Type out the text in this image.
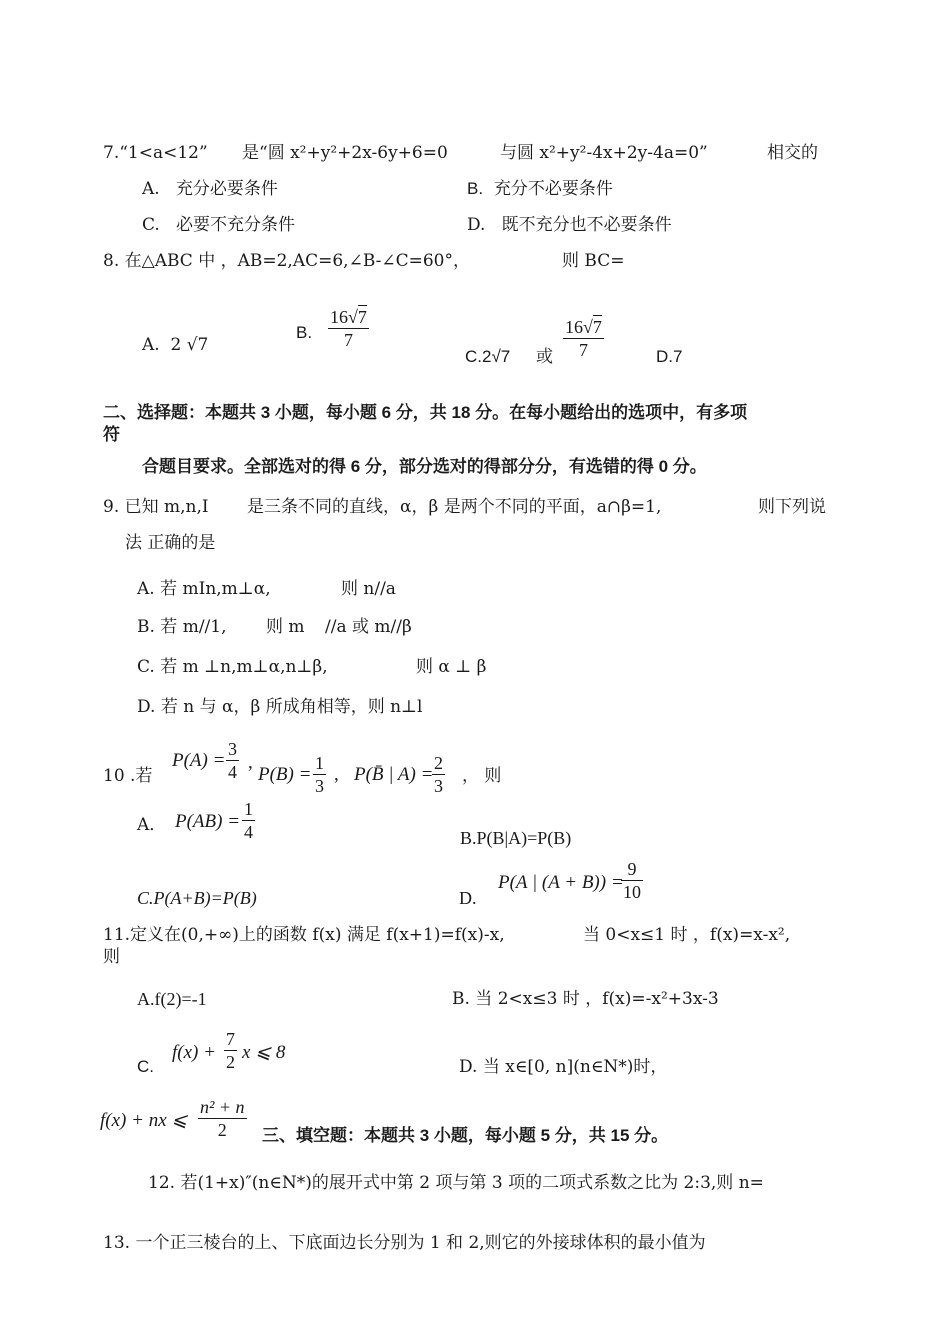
7.“1<a<12” 是“圆 x²+y²+2x-6y+6=0	与圆 x²+y²-4x+2y-4a=0”	相交的
A. 充分必要条件	B. 充分不必要条件
C. 必要不充分条件	D. 既不充分也不必要条件
8. 在△ABC 中 ，AB=2,AC=6,∠B-∠C=60°，	则 BC=
A. 2 √7
B.
16√7
7
C.2√7 或
16√7
7	D.7
二、选择题：本题共 3 小题，每小题 6 分，共 18 分。在每小题给出的选项中，有多项
符
合题目要求。全部选对的得 6 分，部分选对的得部分分，有选错的得 0 分。
9. 已知 m,n,I 是三条不同的直线，α，β 是两个不同的平面，a∩β=1,	则下列说
法 正确的是
A. 若 mIn,m⊥α,	则 n//a
B. 若 m//1, 则 m //a 或 m//β
C. 若 m ⊥n,m⊥α,n⊥β,	则 α ⊥ β
D. 若 n 与 α，β 所成角相等，则 n⊥l
10 .若
P(A) =
3
4 ,
P(B) =
1
3
, P(B̄ | A) =
2
3 ， 则
A． P(AB) =
1
4	B.P(B|A)=P(B)
C.P(A+B)=P(B)	D.
P(A | (A + B)) =
9
10
11.定义在(0,+∞)上的函数 f(x) 满足 f(x+1)=f(x)-x,	当 0<x≤1 时 ，f(x)=x-x²,
则
A.f(2)=-1	B. 当 2<x≤3 时 ，f(x)=-x²+3x-3
C.
f(x) +
7
2 x ⩽ 8
D. 当 x∈[0, n](n∈N*)时，
f(x) + nx ⩽
n² + n
2	三、填空题：本题共 3 小题，每小题 5 分，共 15 分。
12. 若(1+x)″(n∈N*)的展开式中第 2 项与第 3 项的二项式系数之比为 2:3,则 n=
13. 一个正三棱台的上、下底面边长分别为 1 和 2,则它的外接球体积的最小值为
